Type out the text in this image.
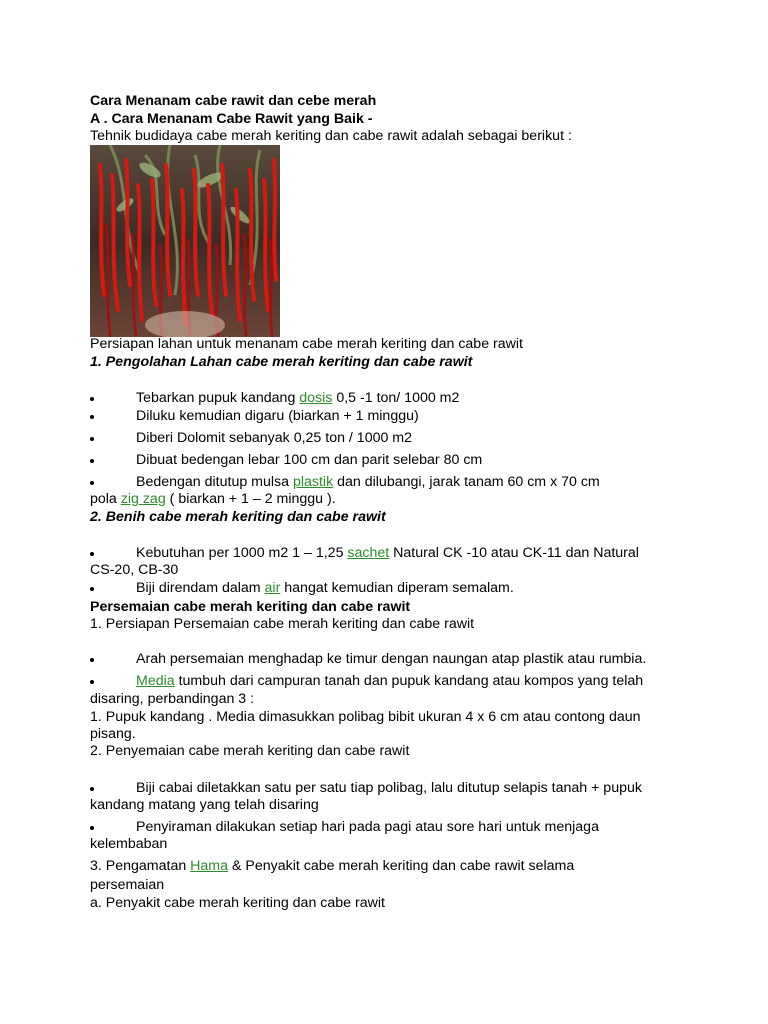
Cara Menanam cabe rawit dan cebe merah
A . Cara Menanam Cabe Rawit yang Baik -
Tehnik budidaya cabe merah keriting dan cabe rawit adalah sebagai berikut :
Persiapan lahan untuk menanam cabe merah keriting dan cabe rawit
1. Pengolahan Lahan cabe merah keriting dan cabe rawit
Tebarkan pupuk kandang dosis 0,5 -1 ton/ 1000 m2
Diluku kemudian digaru (biarkan + 1 minggu)
Diberi Dolomit sebanyak 0,25 ton / 1000 m2
Dibuat bedengan lebar 100 cm dan parit selebar 80 cm
Bedengan ditutup mulsa plastik dan dilubangi, jarak tanam 60 cm x 70 cm
pola zig zag ( biarkan + 1 – 2 minggu ).
2. Benih cabe merah keriting dan cabe rawit
Kebutuhan per 1000 m2 1 – 1,25 sachet Natural CK -10 atau CK-11 dan Natural
CS-20, CB-30
Biji direndam dalam air hangat kemudian diperam semalam.
Persemaian cabe merah keriting dan cabe rawit
1. Persiapan Persemaian cabe merah keriting dan cabe rawit
Arah persemaian menghadap ke timur dengan naungan atap plastik atau rumbia.
Media tumbuh dari campuran tanah dan pupuk kandang atau kompos yang telah
disaring, perbandingan 3 :
1. Pupuk kandang . Media dimasukkan polibag bibit ukuran 4 x 6 cm atau contong daun
pisang.
2. Penyemaian cabe merah keriting dan cabe rawit
Biji cabai diletakkan satu per satu tiap polibag, lalu ditutup selapis tanah + pupuk
kandang matang yang telah disaring
Penyiraman dilakukan setiap hari pada pagi atau sore hari untuk menjaga
kelembaban
3. Pengamatan Hama & Penyakit cabe merah keriting dan cabe rawit selama
persemaian
a. Penyakit cabe merah keriting dan cabe rawit
